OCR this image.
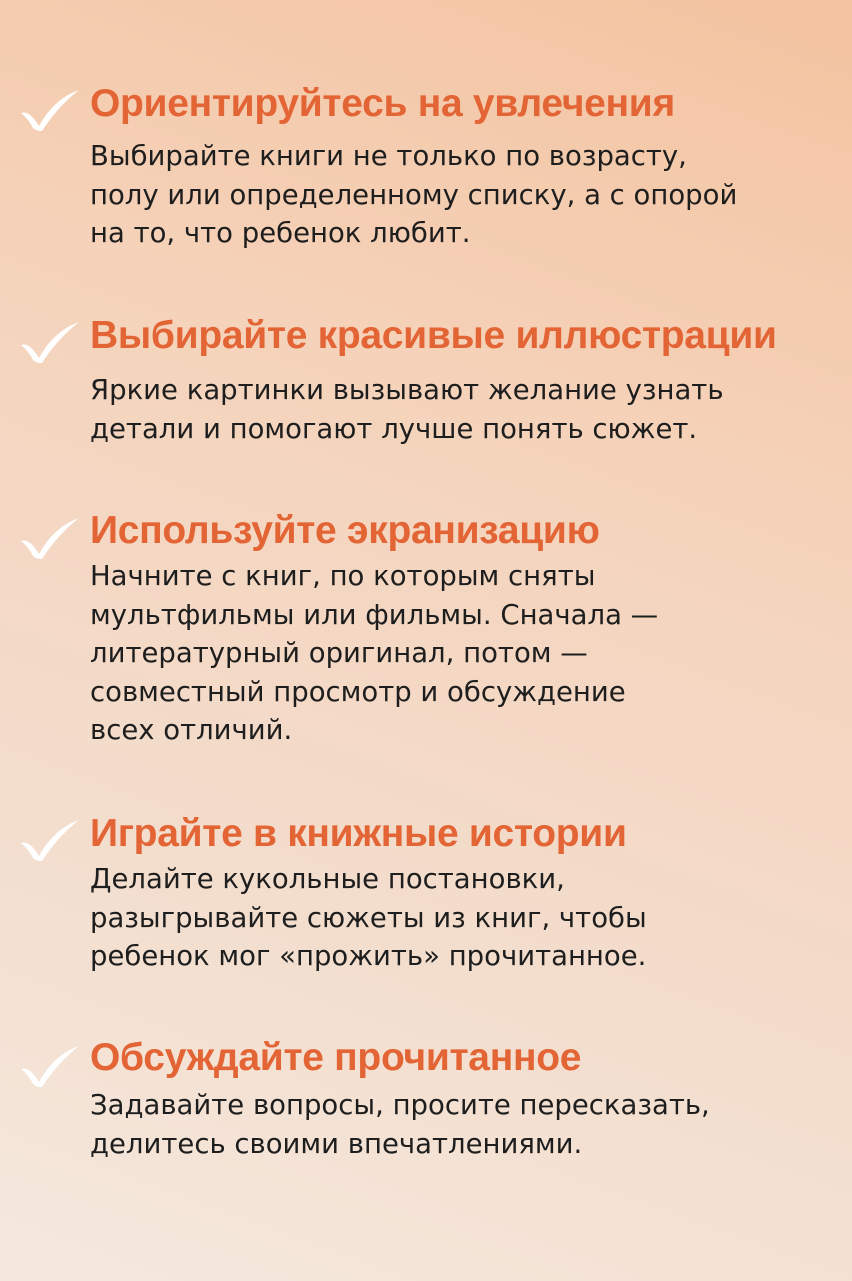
Ориентируйтесь на увлечения

Выбирайте книги не только по возрасту,
полу или определенному списку, а с опорой
на то, что ребенок любит.

Выбирайте красивые иллюстрации

Яркие картинки вызывают желание узнать
детали и помогают лучше понять сюжет.

Используйте экранизацию

Начните с книг, по которым сняты
мультфильмы или фильмы. Сначала —
литературный оригинал, потом —
совместный просмотр и обсуждение
всех отличий.

Играйте в книжные истории

Делайте кукольные постановки,
разыгрывайте сюжеты из книг, чтобы
ребенок мог «прожить» прочитанное.

Обсуждайте прочитанное

Задавайте вопросы, просите пересказать,
делитесь своими впечатлениями.
